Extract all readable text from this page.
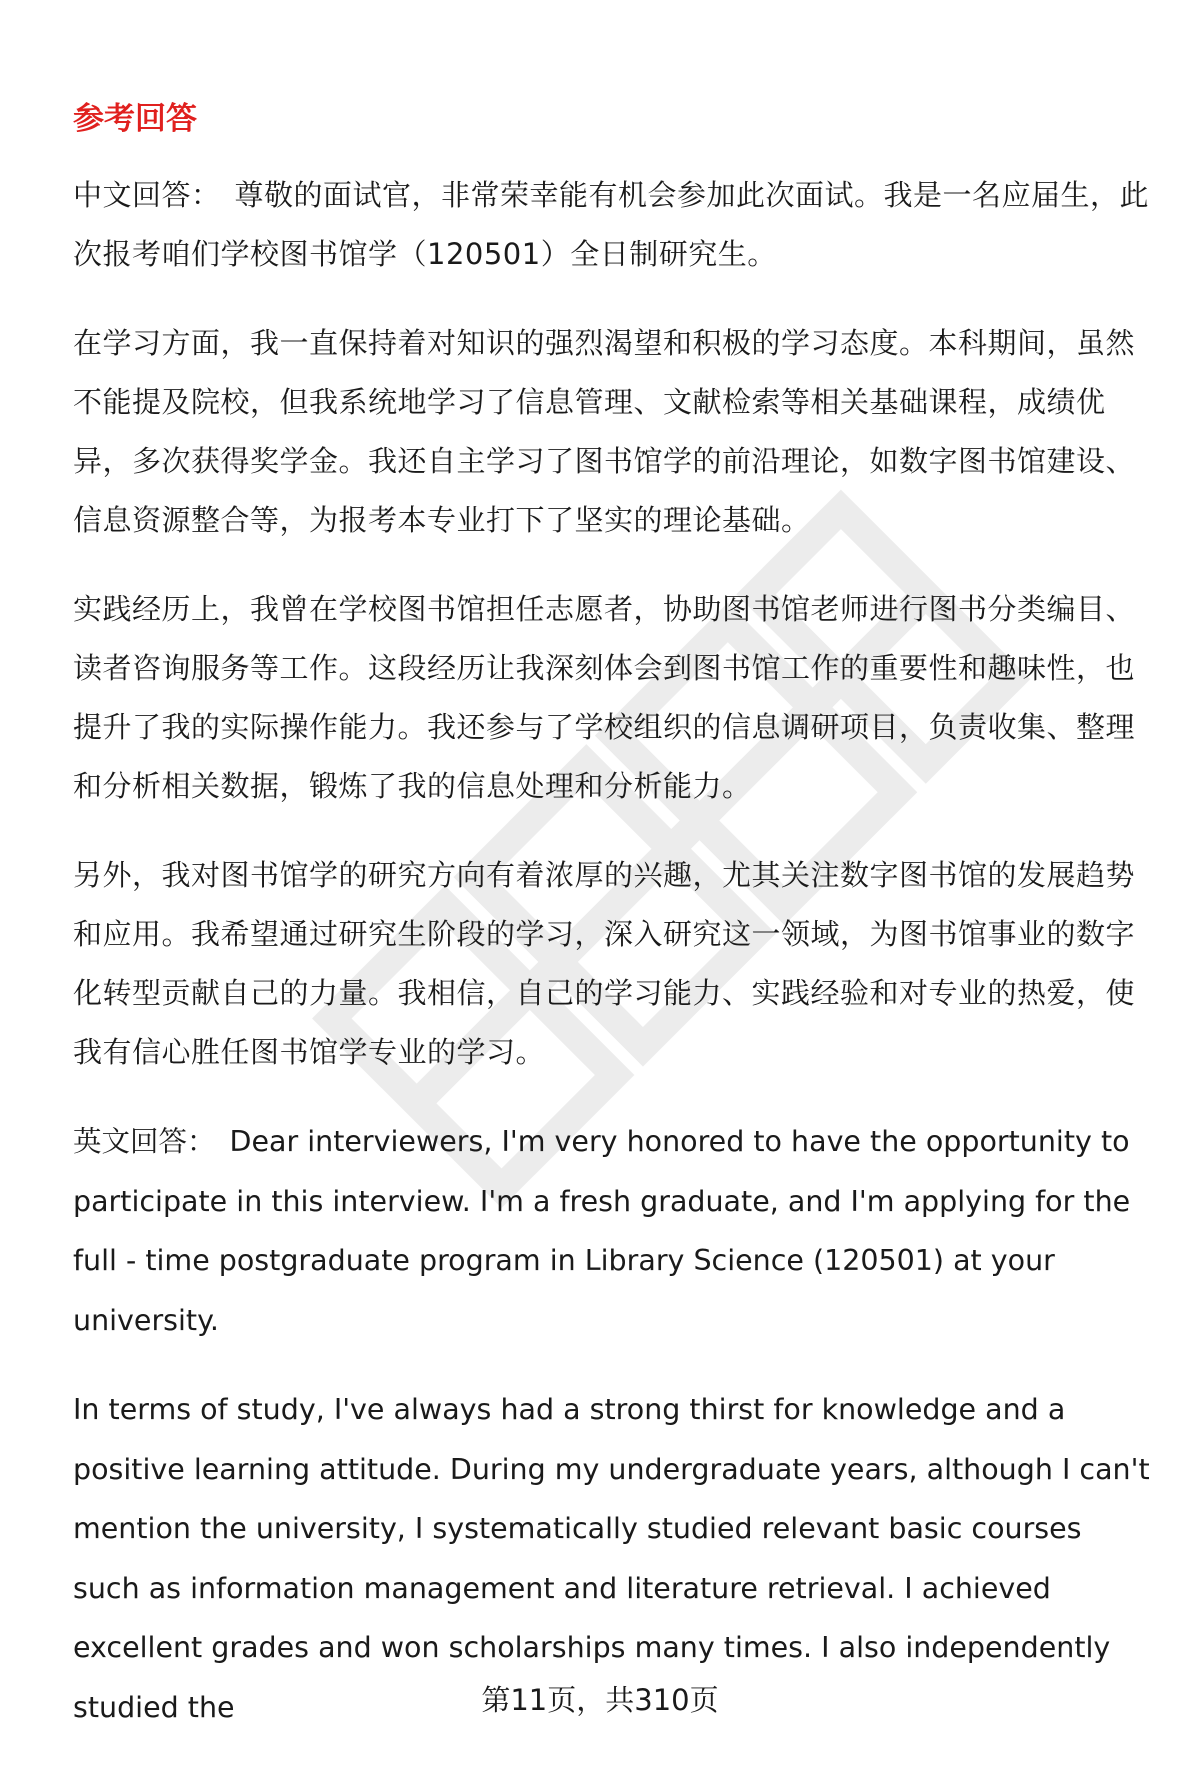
参考回答

中文回答： 尊敬的面试官，非常荣幸能有机会参加此次面试。我是一名应届生，此次报考咱们学校图书馆学（120501）全日制研究生。

在学习方面，我一直保持着对知识的强烈渴望和积极的学习态度。本科期间，虽然不能提及院校，但我系统地学习了信息管理、文献检索等相关基础课程，成绩优异，多次获得奖学金。我还自主学习了图书馆学的前沿理论，如数字图书馆建设、信息资源整合等，为报考本专业打下了坚实的理论基础。

实践经历上，我曾在学校图书馆担任志愿者，协助图书馆老师进行图书分类编目、读者咨询服务等工作。这段经历让我深刻体会到图书馆工作的重要性和趣味性，也提升了我的实际操作能力。我还参与了学校组织的信息调研项目，负责收集、整理和分析相关数据，锻炼了我的信息处理和分析能力。

另外，我对图书馆学的研究方向有着浓厚的兴趣，尤其关注数字图书馆的发展趋势和应用。我希望通过研究生阶段的学习，深入研究这一领域，为图书馆事业的数字化转型贡献自己的力量。我相信，自己的学习能力、实践经验和对专业的热爱，使我有信心胜任图书馆学专业的学习。

英文回答： Dear interviewers, I'm very honored to have the opportunity to participate in this interview. I'm a fresh graduate, and I'm applying for the full - time postgraduate program in Library Science (120501) at your university.

In terms of study, I've always had a strong thirst for knowledge and a positive learning attitude. During my undergraduate years, although I can't mention the university, I systematically studied relevant basic courses such as information management and literature retrieval. I achieved excellent grades and won scholarships many times. I also independently studied the	第11页，共310页
